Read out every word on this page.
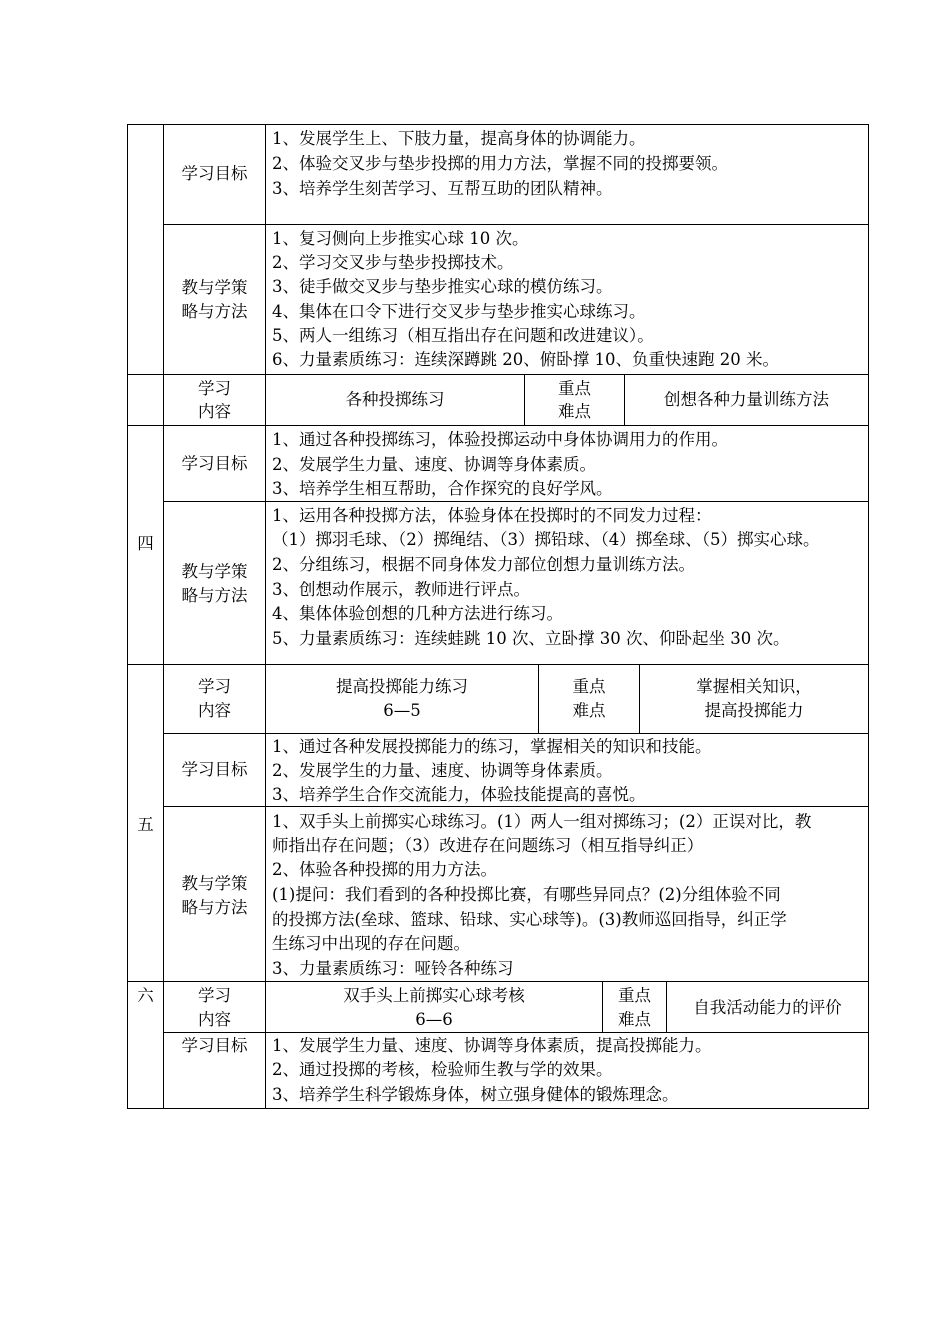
学习目标
1、发展学生上、下肢力量，提高身体的协调能力。
2、体验交叉步与垫步投掷的用力方法，掌握不同的投掷要领。
3、培养学生刻苦学习、互帮互助的团队精神。
教与学策
略与方法
1、复习侧向上步推实心球 10 次。
2、学习交叉步与垫步投掷技术。
3、徒手做交叉步与垫步推实心球的模仿练习。
4、集体在口令下进行交叉步与垫步推实心球练习。
5、两人一组练习（相互指出存在问题和改进建议）。
6、力量素质练习：连续深蹲跳 20、俯卧撑 10、负重快速跑 20 米。
学习
内容
各种投掷练习
重点
难点
创想各种力量训练方法
四
学习目标
1、通过各种投掷练习，体验投掷运动中身体协调用力的作用。
2、发展学生力量、速度、协调等身体素质。
3、培养学生相互帮助，合作探究的良好学风。
教与学策
略与方法
1、运用各种投掷方法，体验身体在投掷时的不同发力过程：
（1）掷羽毛球、（2）掷绳结、（3）掷铅球、（4）掷垒球、（5）掷实心球。
2、分组练习，根据不同身体发力部位创想力量训练方法。
3、创想动作展示，教师进行评点。
4、集体体验创想的几种方法进行练习。
5、力量素质练习：连续蛙跳 10 次、立卧撑 30 次、仰卧起坐 30 次。
学习
内容
提高投掷能力练习
6—5
重点
难点
掌握相关知识，
提高投掷能力
五
学习目标
1、通过各种发展投掷能力的练习，掌握相关的知识和技能。
2、发展学生的力量、速度、协调等身体素质。
3、培养学生合作交流能力，体验技能提高的喜悦。
教与学策
略与方法
1、双手头上前掷实心球练习。(1）两人一组对掷练习；(2）正误对比，教
师指出存在问题；（3）改进存在问题练习（相互指导纠正）
2、体验各种投掷的用力方法。
(1)提问：我们看到的各种投掷比赛，有哪些异同点？(2)分组体验不同
的投掷方法(垒球、篮球、铅球、实心球等)。(3)教师巡回指导，纠正学
生练习中出现的存在问题。
3、力量素质练习：哑铃各种练习
六	学习
内容
双手头上前掷实心球考核
6—6
重点
难点
自我活动能力的评价
学习目标	1、发展学生力量、速度、协调等身体素质，提高投掷能力。
2、通过投掷的考核，检验师生教与学的效果。
3、培养学生科学锻炼身体，树立强身健体的锻炼理念。
